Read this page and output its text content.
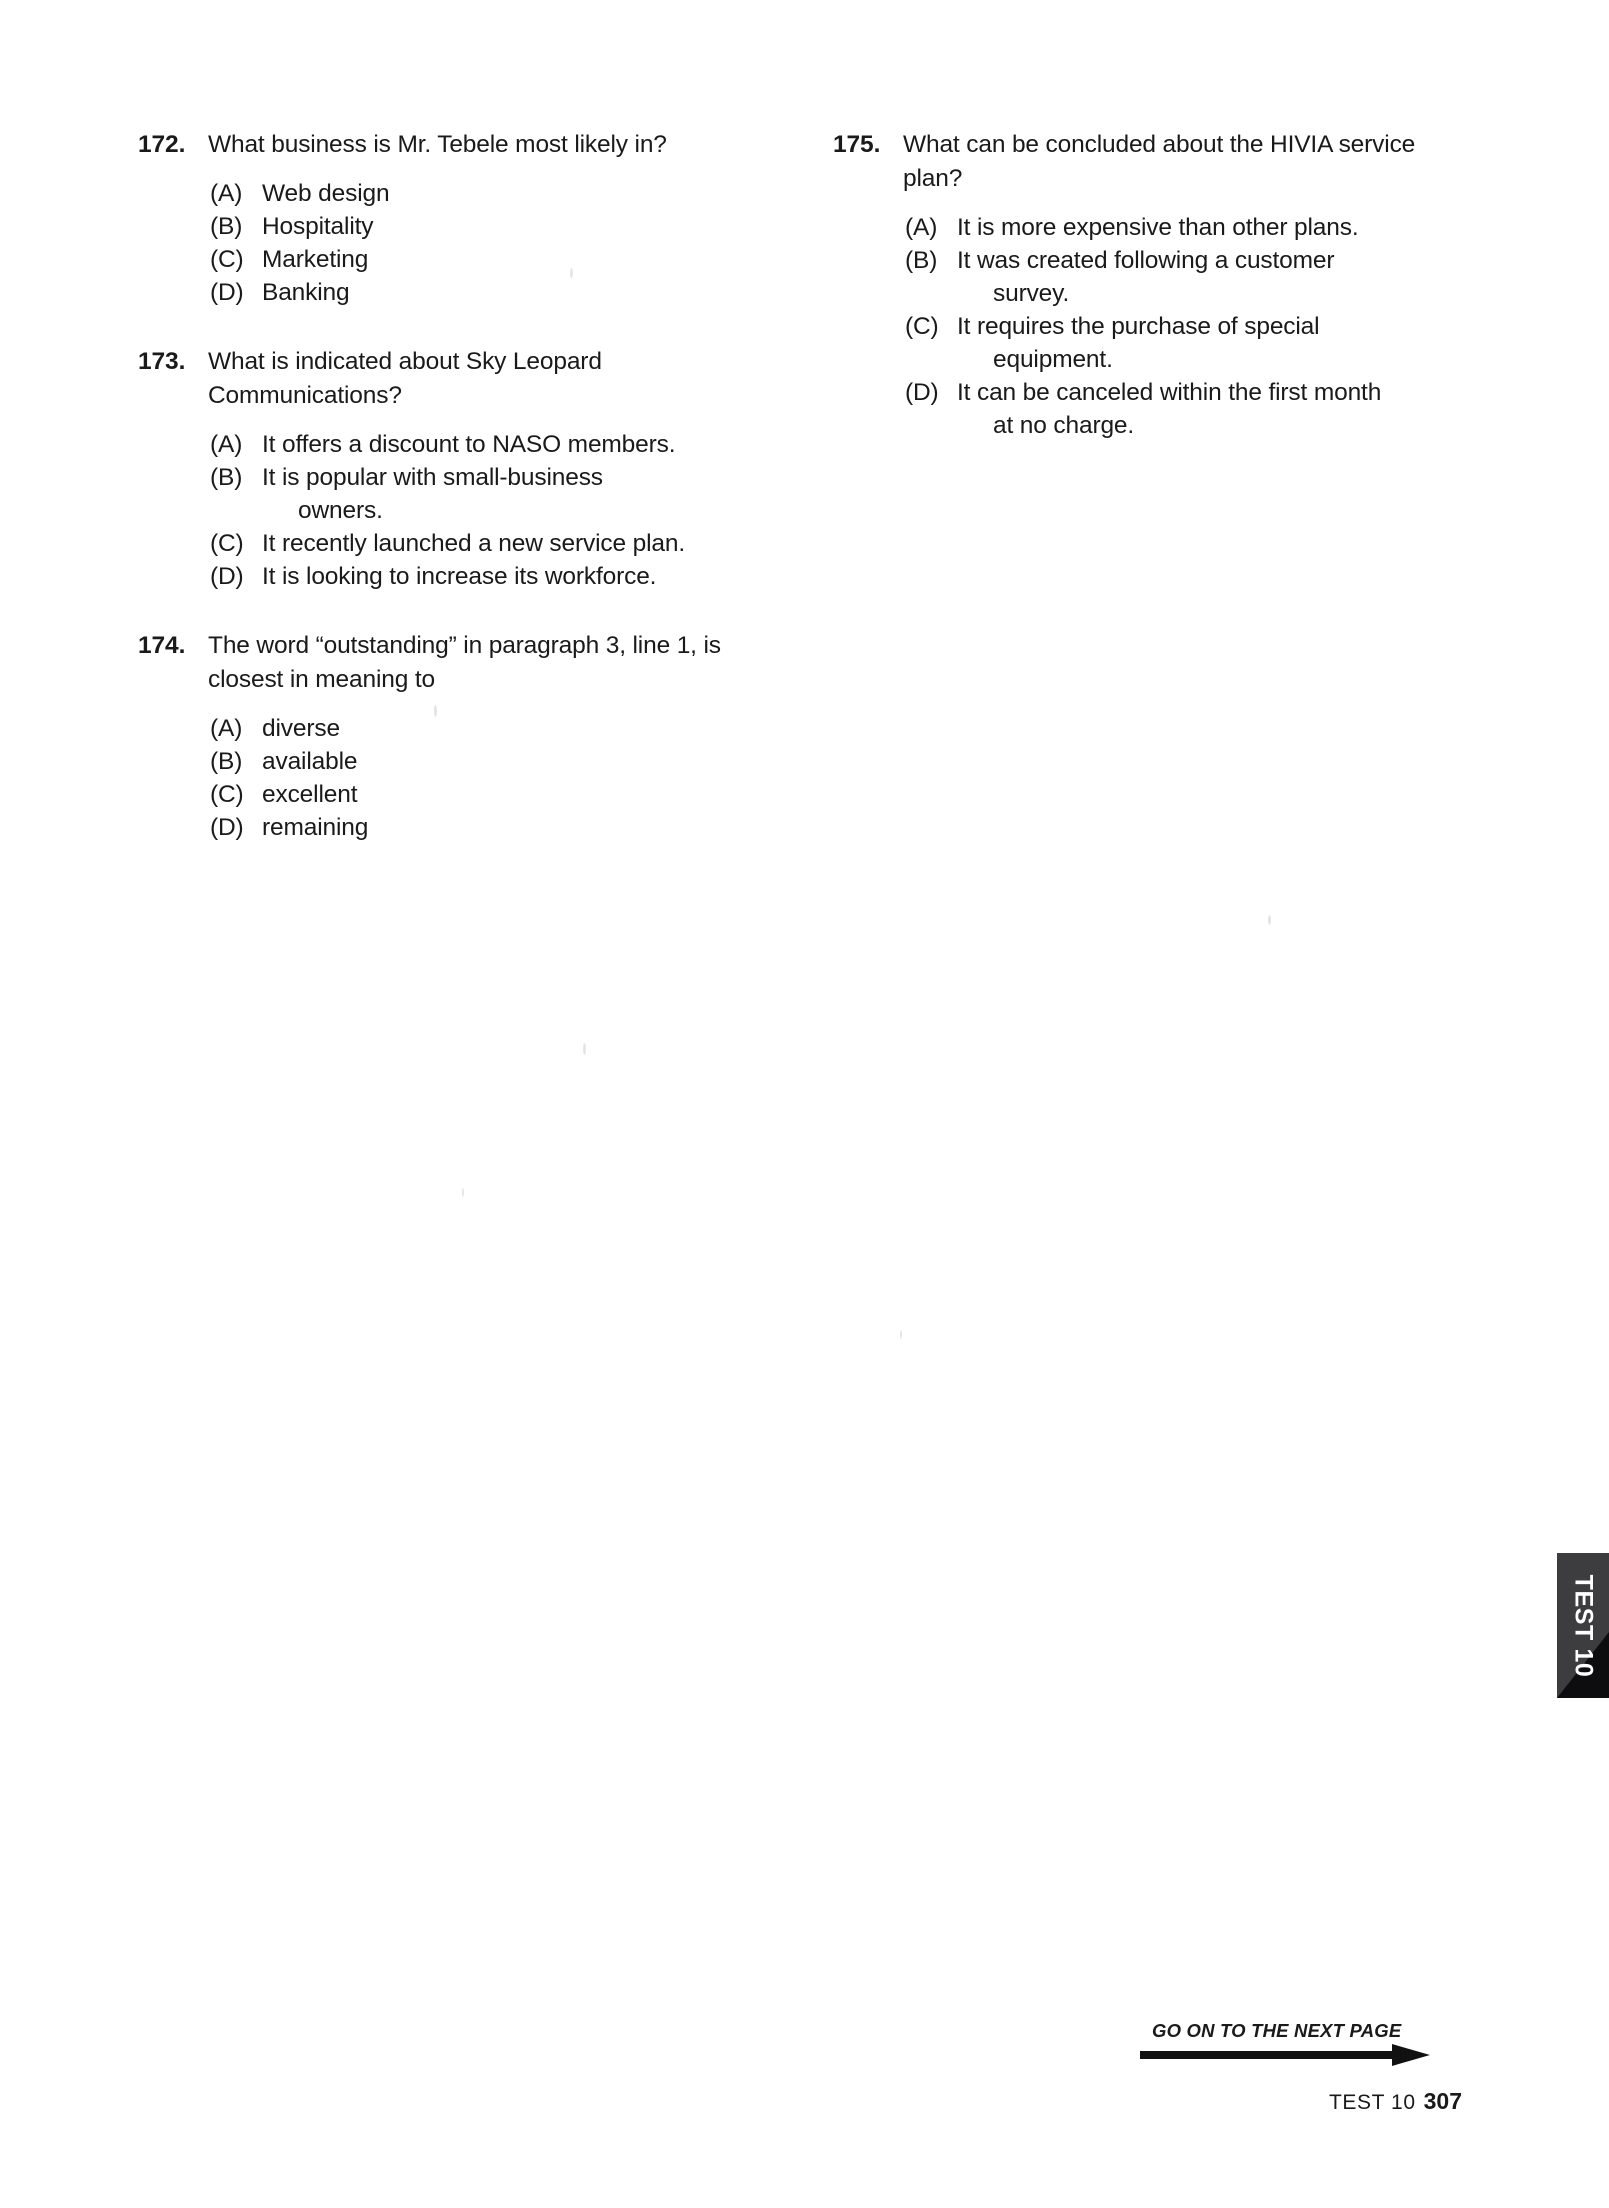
172. What business is Mr. Tebele most likely in?
(A) Web design
(B) Hospitality
(C) Marketing
(D) Banking
173. What is indicated about Sky Leopard Communications?
(A) It offers a discount to NASO members.
(B) It is popular with small-business
owners.
(C) It recently launched a new service plan.
(D) It is looking to increase its workforce.
174. The word “outstanding” in paragraph 3, line 1, is closest in meaning to
(A) diverse
(B) available
(C) excellent
(D) remaining
175. What can be concluded about the HIVIA service plan?
(A) It is more expensive than other plans.
(B) It was created following a customer
survey.
(C) It requires the purchase of special
equipment.
(D) It can be canceled within the first month
at no charge.
TEST 10
GO ON TO THE NEXT PAGE
TEST 10 307
